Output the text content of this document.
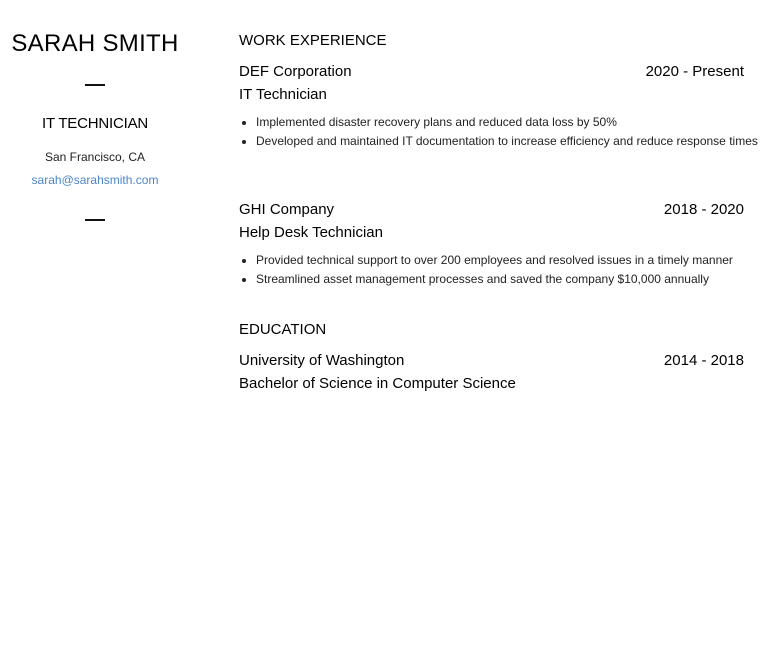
SARAH SMITH
IT TECHNICIAN
San Francisco, CA
sarah@sarahsmith.com
WORK EXPERIENCE
DEF Corporation	2020 - Present
IT Technician
• Implemented disaster recovery plans and reduced data loss by 50%
• Developed and maintained IT documentation to increase efficiency and reduce response times
GHI Company	2018 - 2020
Help Desk Technician
• Provided technical support to over 200 employees and resolved issues in a timely manner
• Streamlined asset management processes and saved the company $10,000 annually
EDUCATION
University of Washington	2014 - 2018
Bachelor of Science in Computer Science
